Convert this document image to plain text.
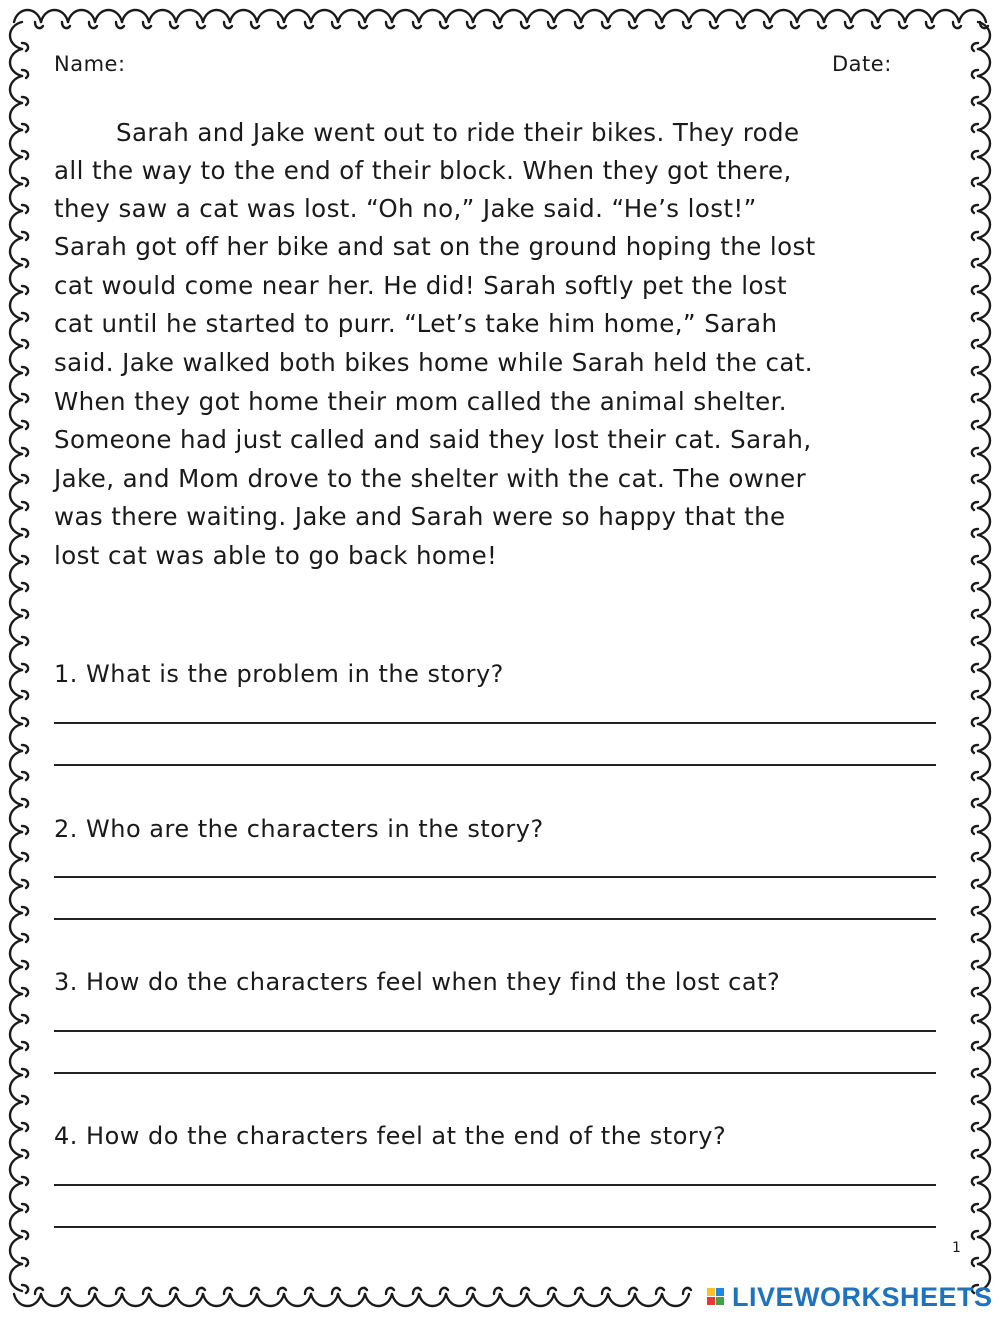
Name:	Date:
Sarah and Jake went out to ride their bikes. They rode
all the way to the end of their block. When they got there,
they saw a cat was lost. “Oh no,” Jake said. “He’s lost!”
Sarah got off her bike and sat on the ground hoping the lost
cat would come near her. He did! Sarah softly pet the lost
cat until he started to purr. “Let’s take him home,” Sarah
said. Jake walked both bikes home while Sarah held the cat.
When they got home their mom called the animal shelter.
Someone had just called and said they lost their cat. Sarah,
Jake, and Mom drove to the shelter with the cat. The owner
was there waiting. Jake and Sarah were so happy that the
lost cat was able to go back home!
1. What is the problem in the story?
2. Who are the characters in the story?
3. How do the characters feel when they find the lost cat?
4. How do the characters feel at the end of the story?
1
LIVEWORKSHEETS
